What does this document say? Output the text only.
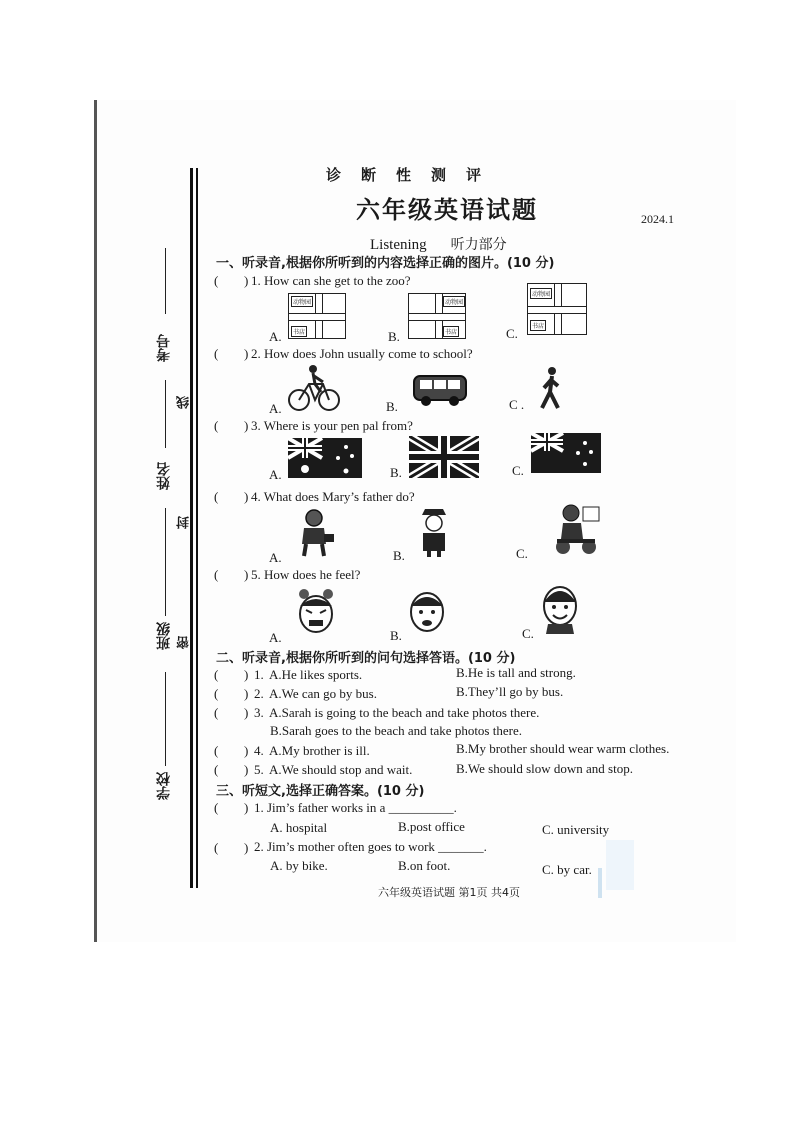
考号
姓名
班级
学校
线
封
密
诊断性测评
六年级英语试题	2024.1
Listening 听力部分
一、听录音,根据你所听到的内容选择正确的图片。(10 分)
( ) 1. How can she get to the zoo?
A.	B.	C.
动物园
书店
动物园
书店
动物园
书店
( ) 2. How does John usually come to school?
A.	B.	C .
( ) 3. Where is your pen pal from?
A.	B.	C.
( ) 4. What does Mary’s father do?
A.	B.	C.
( ) 5. How does he feel?
A.	B.	C.
二、听录音,根据你所听到的问句选择答语。(10 分)
( ) 1. A.He likes sports.	B.He is tall and strong.
( ) 2. A.We can go by bus.	B.They’ll go by bus.
( ) 3. A.Sarah is going to the beach and take photos there.
B.Sarah goes to the beach and take photos there.
( ) 4. A.My brother is ill.	B.My brother should wear warm clothes.
( ) 5. A.We should stop and wait.	B.We should slow down and stop.
三、听短文,选择正确答案。(10 分)
( ) 1. Jim’s father works in a __________.
A. hospital	B.post office	C. university
( ) 2. Jim’s mother often goes to work _______.
A. by bike.	B.on foot.	C. by car.
六年级英语试题 第1页 共4页
